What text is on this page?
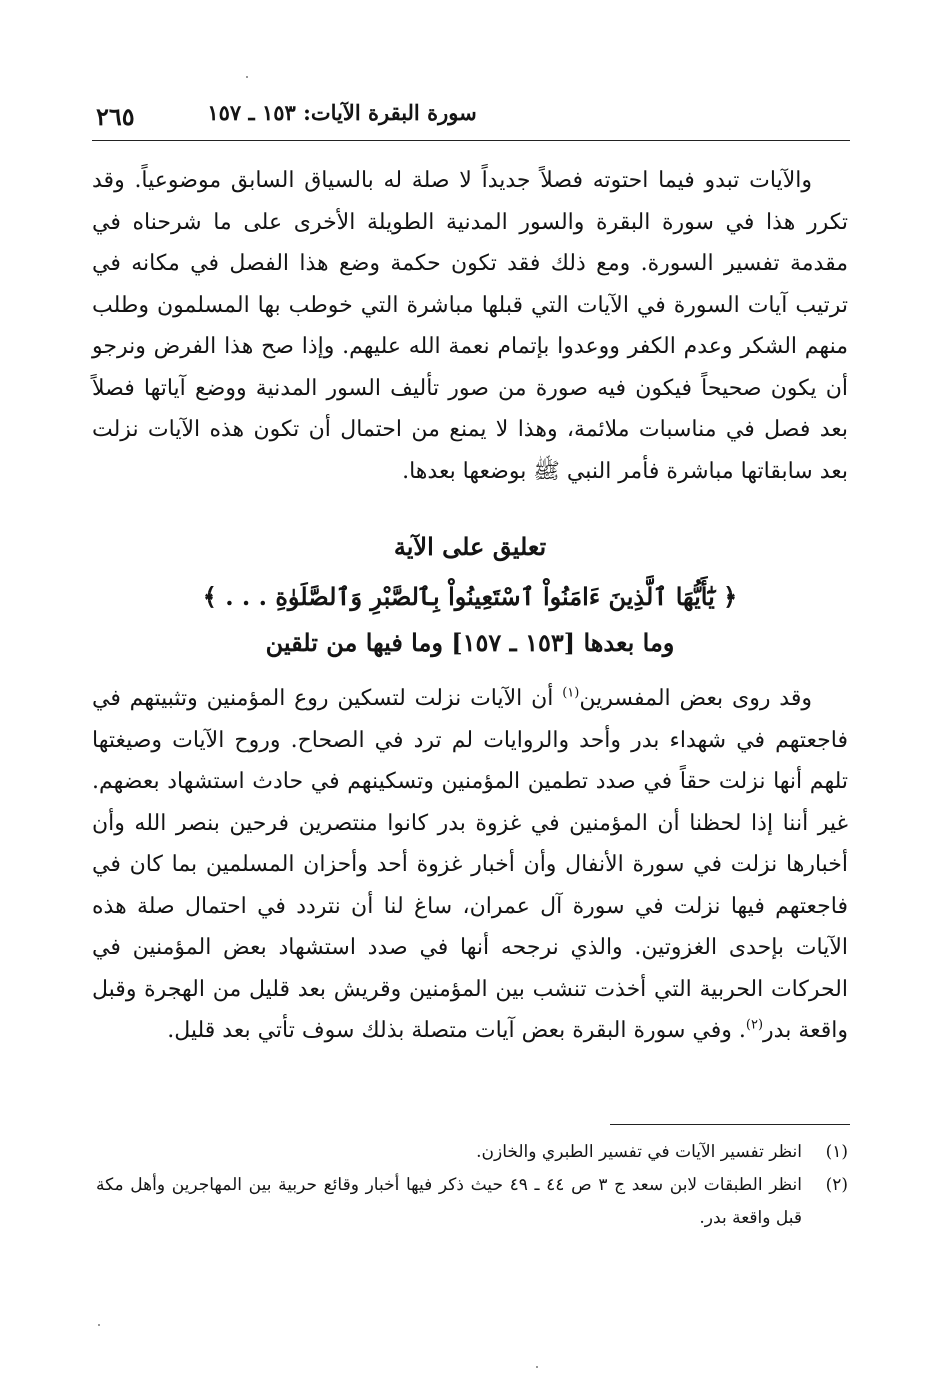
سورة البقرة الآيات: ١٥٣ ـ ١٥٧
٢٦٥
والآيات تبدو فيما احتوته فصلاً جديداً لا صلة له بالسياق السابق موضوعياً. وقد تكرر هذا في سورة البقرة والسور المدنية الطويلة الأخرى على ما شرحناه في مقدمة تفسير السورة. ومع ذلك فقد تكون حكمة وضع هذا الفصل في مكانه في ترتيب آيات السورة في الآيات التي قبلها مباشرة التي خوطب بها المسلمون وطلب منهم الشكر وعدم الكفر ووعدوا بإتمام نعمة الله عليهم. وإذا صح هذا الفرض ونرجو أن يكون صحيحاً فيكون فيه صورة من صور تأليف السور المدنية ووضع آياتها فصلاً بعد فصل في مناسبات ملائمة، وهذا لا يمنع من احتمال أن تكون هذه الآيات نزلت بعد سابقاتها مباشرة فأمر النبي ﷺ بوضعها بعدها.
تعليق على الآية
﴿ يَٰٓأَيُّهَا ٱلَّذِينَ ءَامَنُواْ ٱسْتَعِينُواْ بِٱلصَّبْرِ وَٱلصَّلَوٰةِ . . . ﴾
وما بعدها [١٥٣ ـ ١٥٧] وما فيها من تلقين
وقد روى بعض المفسرين$^{(١)}$ أن الآيات نزلت لتسكين روع المؤمنين وتثبيتهم في فاجعتهم في شهداء بدر وأحد والروايات لم ترد في الصحاح. وروح الآيات وصيغتها تلهم أنها نزلت حقاً في صدد تطمين المؤمنين وتسكينهم في حادث استشهاد بعضهم. غير أننا إذا لحظنا أن المؤمنين في غزوة بدر كانوا منتصرين فرحين بنصر الله وأن أخبارها نزلت في سورة الأنفال وأن أخبار غزوة أحد وأحزان المسلمين بما كان في فاجعتهم فيها نزلت في سورة آل عمران، ساغ لنا أن نتردد في احتمال صلة هذه الآيات بإحدى الغزوتين. والذي نرجحه أنها في صدد استشهاد بعض المؤمنين في الحركات الحربية التي أخذت تنشب بين المؤمنين وقريش بعد قليل من الهجرة وقبل واقعة بدر$^{(٢)}$. وفي سورة البقرة بعض آيات متصلة بذلك سوف تأتي بعد قليل.
(١)
انظر تفسير الآيات في تفسير الطبري والخازن.
(٢)
انظر الطبقات لابن سعد ج ٣ ص ٤٤ ـ ٤٩ حيث ذكر فيها أخبار وقائع حربية بين المهاجرين وأهل مكة قبل واقعة بدر.
